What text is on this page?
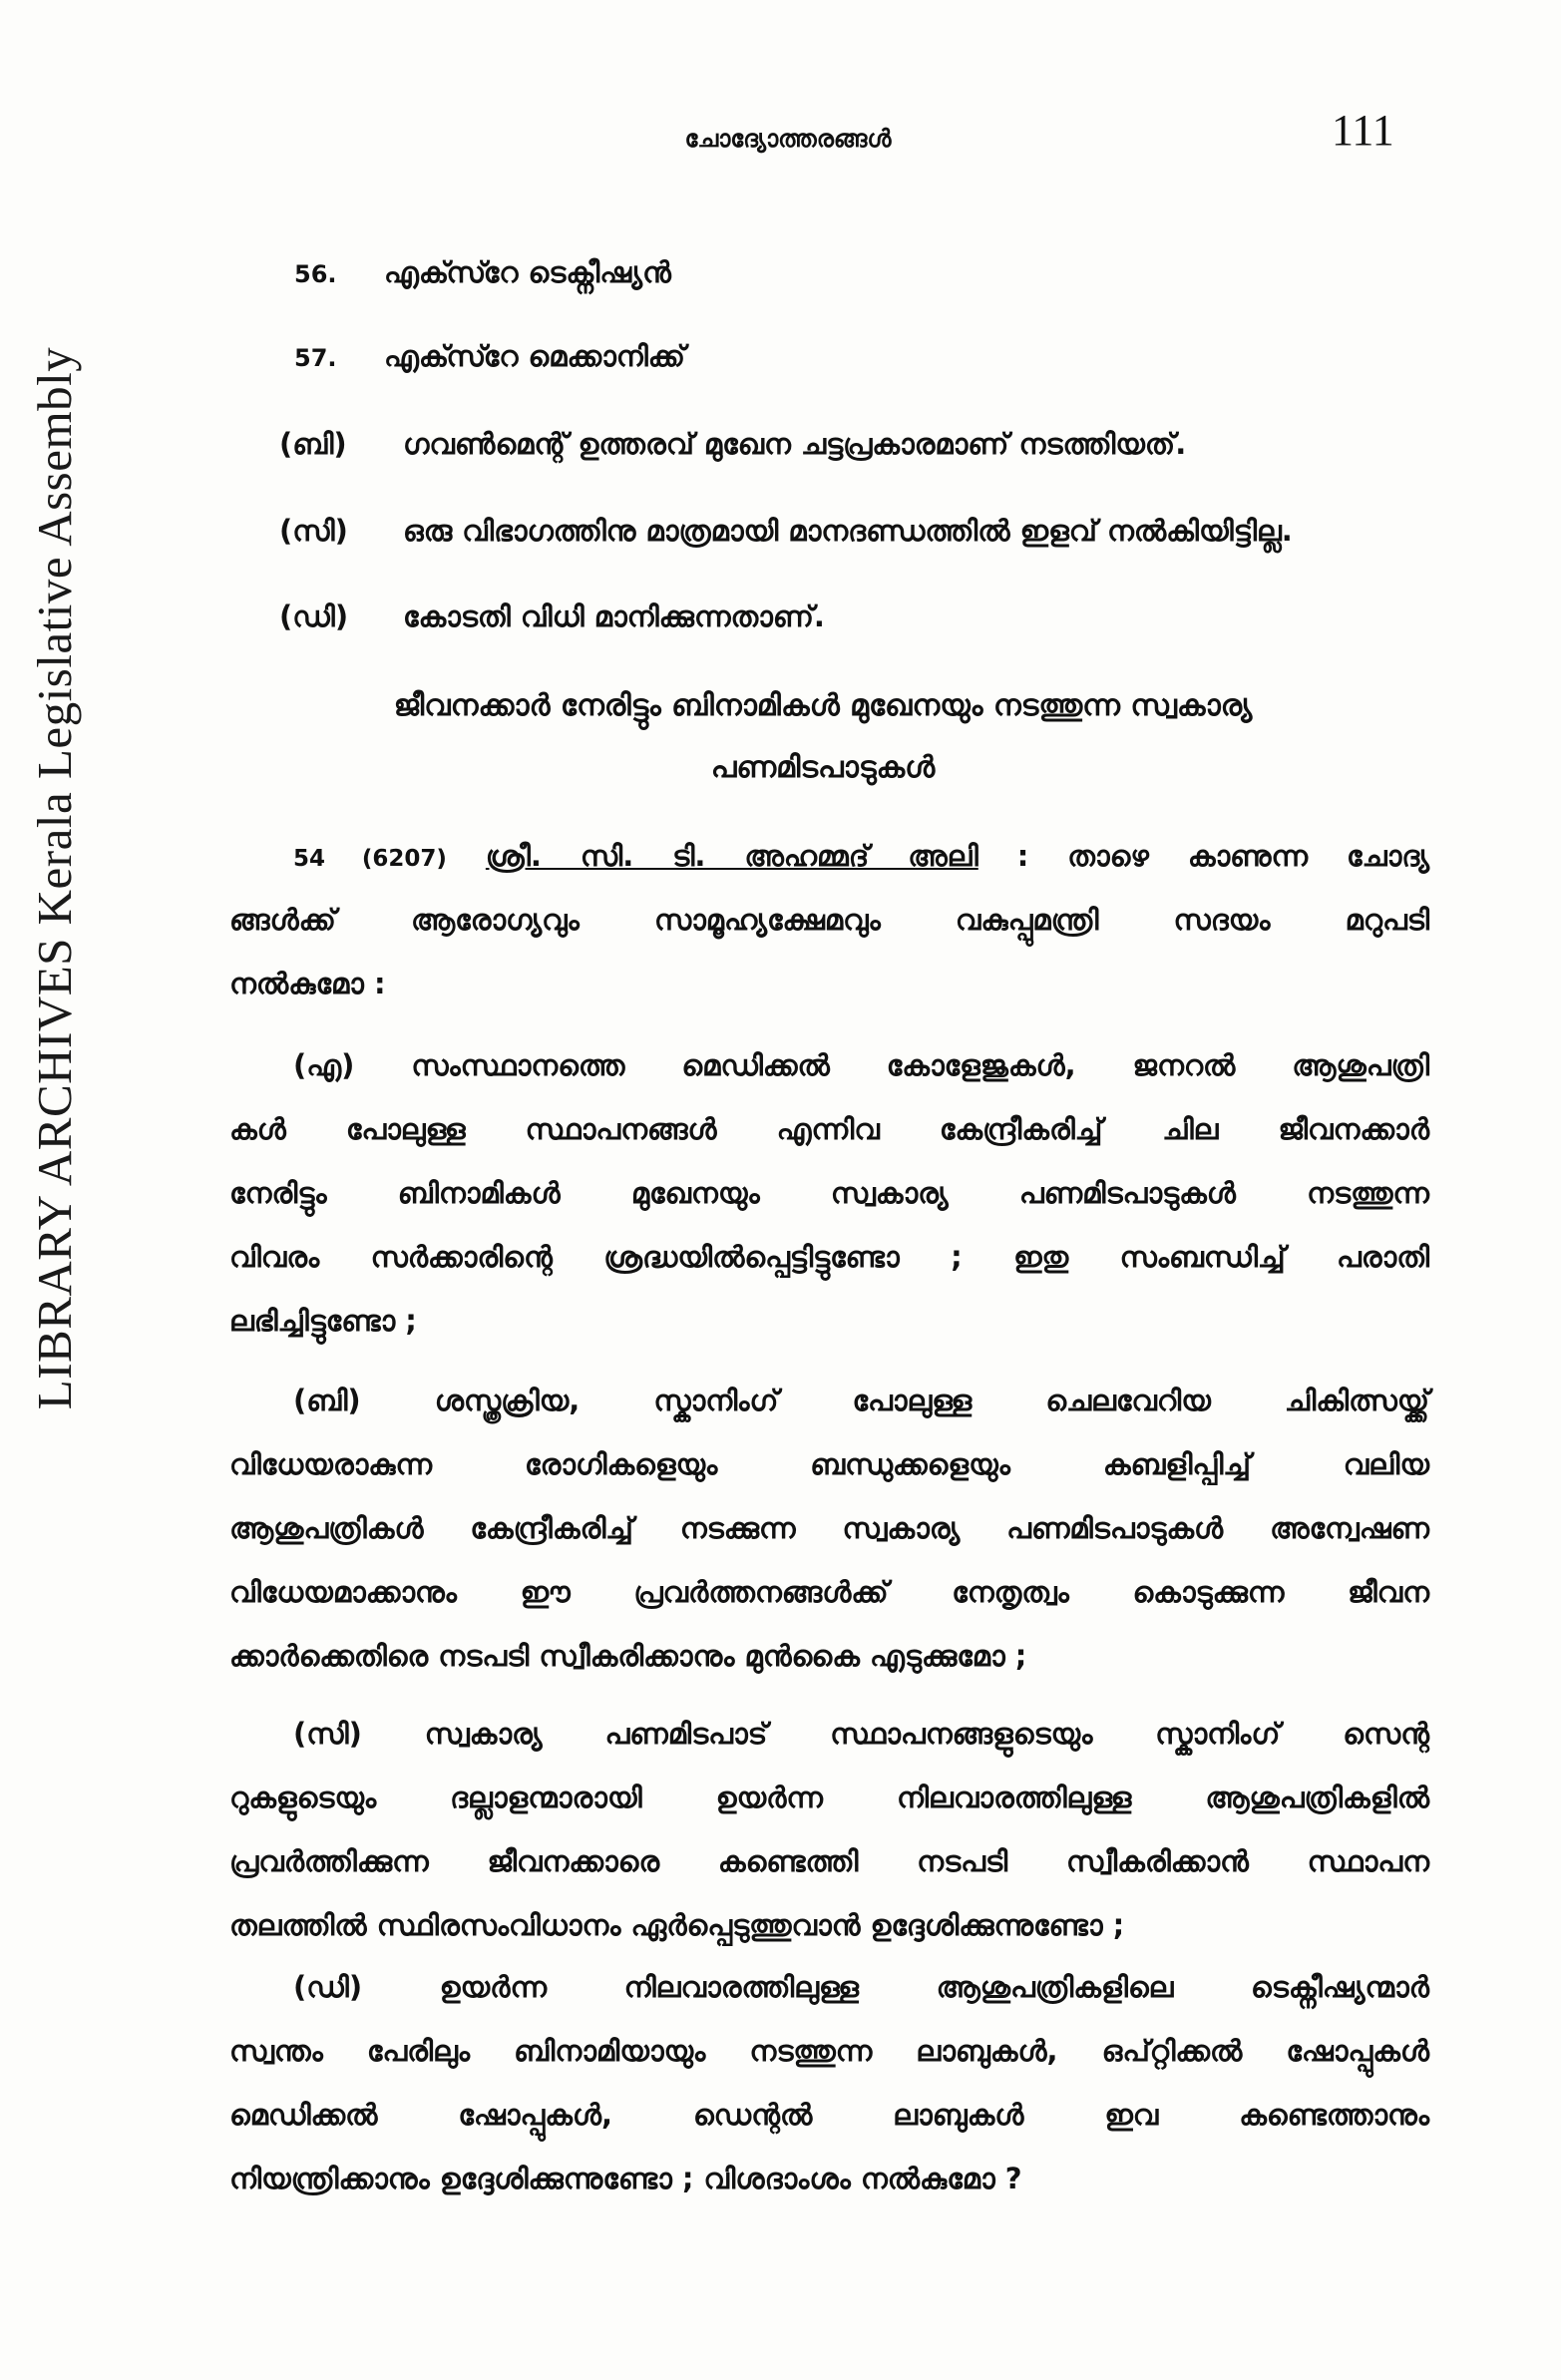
LIBRARY ARCHIVES Kerala Legislative Assembly
ചോദ്യോത്തരങ്ങൾ	111
56. എക്സ്റേ ടെക്നീഷ്യൻ
57. എക്സ്റേ മെക്കാനിക്ക്
(ബി) ഗവൺമെന്റ് ഉത്തരവ് മുഖേന ചട്ടപ്രകാരമാണ് നടത്തിയത്.
(സി) ഒരു വിഭാഗത്തിനു മാത്രമായി മാനദണ്ഡത്തിൽ ഇളവ് നൽകിയിട്ടില്ല.
(ഡി) കോടതി വിധി മാനിക്കുന്നതാണ്.
ജീവനക്കാർ നേരിട്ടും ബിനാമികൾ മുഖേനയും നടത്തുന്ന സ്വകാര്യ
പണമിടപാടുകൾ
54 (6207) ശ്രീ. സി. ടി. അഹമ്മദ് അലി : താഴെ കാണുന്ന ചോദ്യ
ങ്ങൾക്ക് ആരോഗ്യവും സാമൂഹ്യക്ഷേമവും വകുപ്പുമന്ത്രി സദയം മറുപടി
നൽകുമോ :
(എ) സംസ്ഥാനത്തെ മെഡിക്കൽ കോളേജുകൾ, ജനറൽ ആശുപത്രി
കൾ പോലുള്ള സ്ഥാപനങ്ങൾ എന്നിവ കേന്ദ്രീകരിച്ച് ചില ജീവനക്കാർ
നേരിട്ടും ബിനാമികൾ മുഖേനയും സ്വകാര്യ പണമിടപാടുകൾ നടത്തുന്ന
വിവരം സർക്കാരിന്റെ ശ്രദ്ധയിൽപ്പെട്ടിട്ടുണ്ടോ ; ഇതു സംബന്ധിച്ച് പരാതി
ലഭിച്ചിട്ടുണ്ടോ ;
(ബി) ശസ്ത്രക്രിയ, സ്കാനിംഗ് പോലുള്ള ചെലവേറിയ ചികിത്സയ്ക്ക്
വിധേയരാകുന്ന രോഗികളെയും ബന്ധുക്കളെയും കബളിപ്പിച്ച് വലിയ
ആശുപത്രികൾ കേന്ദ്രീകരിച്ച് നടക്കുന്ന സ്വകാര്യ പണമിടപാടുകൾ അന്വേഷണ
വിധേയമാക്കാനും ഈ പ്രവർത്തനങ്ങൾക്ക് നേതൃത്വം കൊടുക്കുന്ന ജീവന
ക്കാർക്കെതിരെ നടപടി സ്വീകരിക്കാനും മുൻകൈ എടുക്കുമോ ;
(സി) സ്വകാര്യ പണമിടപാട് സ്ഥാപനങ്ങളുടെയും സ്കാനിംഗ് സെന്റ
റുകളുടെയും ദല്ലാളന്മാരായി ഉയർന്ന നിലവാരത്തിലുള്ള ആശുപത്രികളിൽ
പ്രവർത്തിക്കുന്ന ജീവനക്കാരെ കണ്ടെത്തി നടപടി സ്വീകരിക്കാൻ സ്ഥാപന
തലത്തിൽ സ്ഥിരസംവിധാനം ഏർപ്പെടുത്തുവാൻ ഉദ്ദേശിക്കുന്നുണ്ടോ ;
(ഡി) ഉയർന്ന നിലവാരത്തിലുള്ള ആശുപത്രികളിലെ ടെക്നീഷ്യന്മാർ
സ്വന്തം പേരിലും ബിനാമിയായും നടത്തുന്ന ലാബുകൾ, ഒപ്റ്റിക്കൽ ഷോപ്പുകൾ
മെഡിക്കൽ ഷോപ്പുകൾ, ഡെന്റൽ ലാബുകൾ ഇവ കണ്ടെത്താനും
നിയന്ത്രിക്കാനും ഉദ്ദേശിക്കുന്നുണ്ടോ ; വിശദാംശം നൽകുമോ ?
